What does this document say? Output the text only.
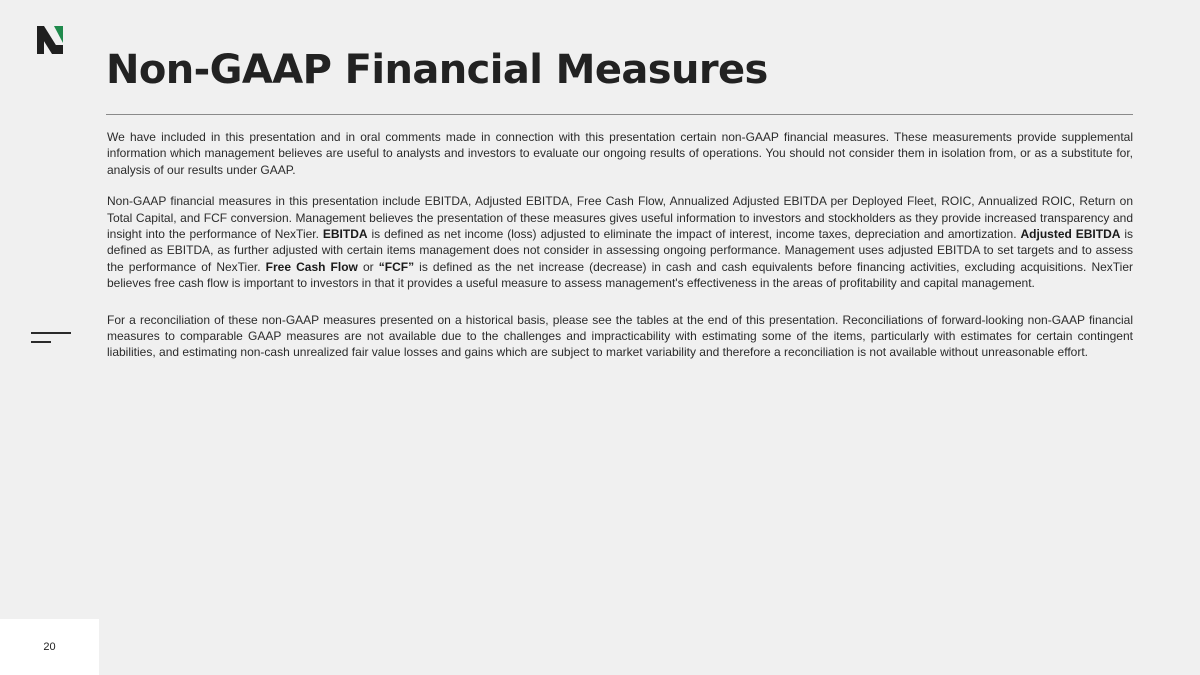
Non-GAAP Financial Measures

We have included in this presentation and in oral comments made in connection with this presentation certain non-GAAP financial measures. These measurements provide supplemental information which management believes are useful to analysts and investors to evaluate our ongoing results of operations. You should not consider them in isolation from, or as a substitute for, analysis of our results under GAAP.

Non-GAAP financial measures in this presentation include EBITDA, Adjusted EBITDA, Free Cash Flow, Annualized Adjusted EBITDA per Deployed Fleet, ROIC, Annualized ROIC, Return on Total Capital, and FCF conversion. Management believes the presentation of these measures gives useful information to investors and stockholders as they provide increased transparency and insight into the performance of NexTier. EBITDA is defined as net income (loss) adjusted to eliminate the impact of interest, income taxes, depreciation and amortization. Adjusted EBITDA is defined as EBITDA, as further adjusted with certain items management does not consider in assessing ongoing performance. Management uses adjusted EBITDA to set targets and to assess the performance of NexTier. Free Cash Flow or “FCF” is defined as the net increase (decrease) in cash and cash equivalents before financing activities, excluding acquisitions. NexTier believes free cash flow is important to investors in that it provides a useful measure to assess management's effectiveness in the areas of profitability and capital management.

For a reconciliation of these non-GAAP measures presented on a historical basis, please see the tables at the end of this presentation. Reconciliations of forward-looking non-GAAP financial measures to comparable GAAP measures are not available due to the challenges and impracticability with estimating some of the items, particularly with estimates for certain contingent liabilities, and estimating non-cash unrealized fair value losses and gains which are subject to market variability and therefore a reconciliation is not available without unreasonable effort.

20
